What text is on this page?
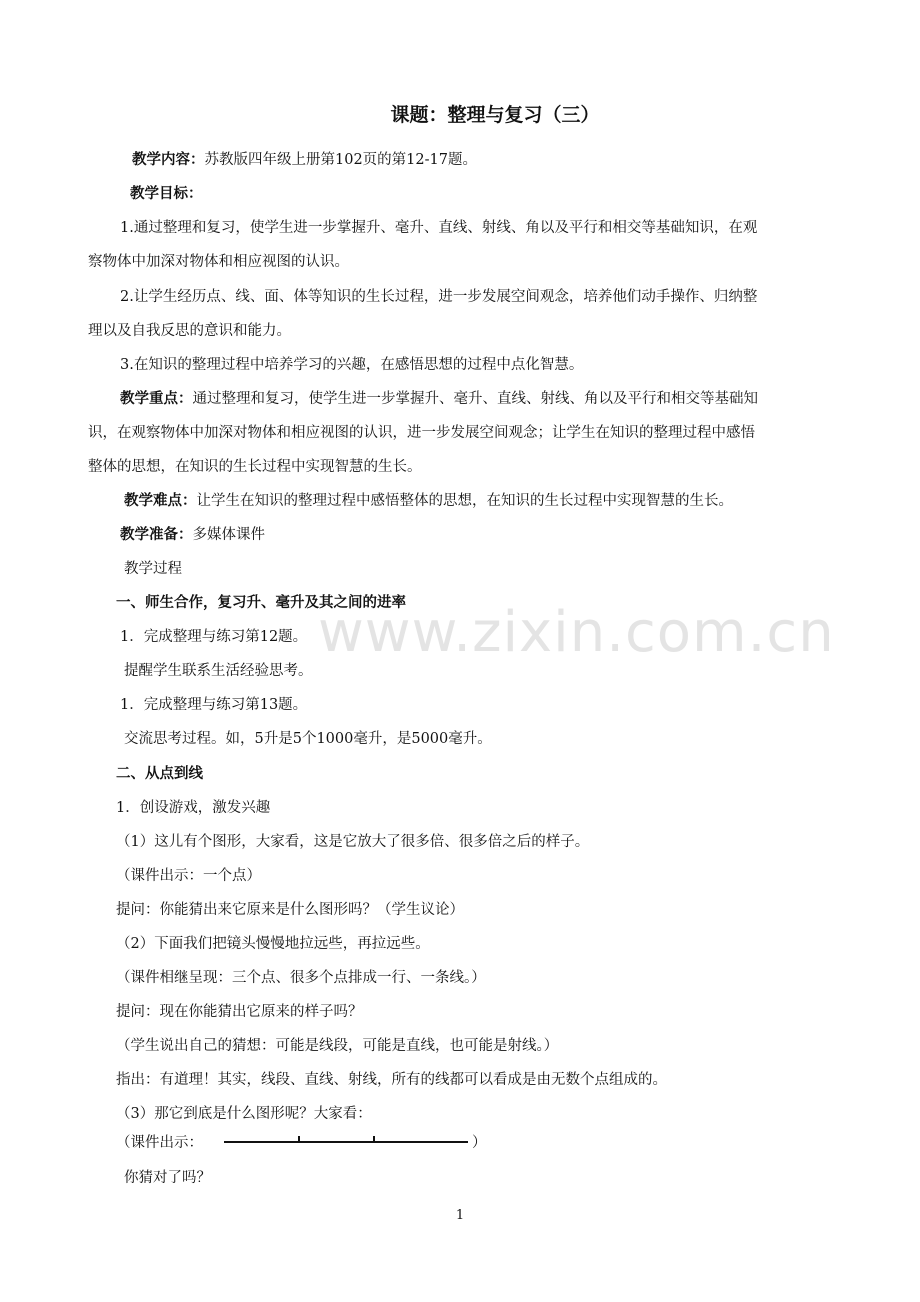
www.zixin.com.cn
课题：整理与复习（三）
教学内容：苏教版四年级上册第102页的第12-17题。
教学目标：
1.通过整理和复习，使学生进一步掌握升、毫升、直线、射线、角以及平行和相交等基础知识，在观
察物体中加深对物体和相应视图的认识。
2.让学生经历点、线、面、体等知识的生长过程，进一步发展空间观念，培养他们动手操作、归纳整
理以及自我反思的意识和能力。
3.在知识的整理过程中培养学习的兴趣，在感悟思想的过程中点化智慧。
教学重点：通过整理和复习，使学生进一步掌握升、毫升、直线、射线、角以及平行和相交等基础知
识，在观察物体中加深对物体和相应视图的认识，进一步发展空间观念；让学生在知识的整理过程中感悟
整体的思想，在知识的生长过程中实现智慧的生长。
教学难点：让学生在知识的整理过程中感悟整体的思想，在知识的生长过程中实现智慧的生长。
教学准备：多媒体课件
教学过程
一、师生合作，复习升、毫升及其之间的进率
1．完成整理与练习第12题。
提醒学生联系生活经验思考。
1．完成整理与练习第13题。
交流思考过程。如，5升是5个1000毫升，是5000毫升。
二、从点到线
1．创设游戏，激发兴趣
（1）这儿有个图形，大家看，这是它放大了很多倍、很多倍之后的样子。
（课件出示：一个点）
提问：你能猜出来它原来是什么图形吗？（学生议论）
（2）下面我们把镜头慢慢地拉远些，再拉远些。
（课件相继呈现：三个点、很多个点排成一行、一条线。）
提问：现在你能猜出它原来的样子吗？
（学生说出自己的猜想：可能是线段，可能是直线，也可能是射线。）
指出：有道理！其实，线段、直线、射线，所有的线都可以看成是由无数个点组成的。
（3）那它到底是什么图形呢？大家看：
（课件出示：	）
你猜对了吗？
1
